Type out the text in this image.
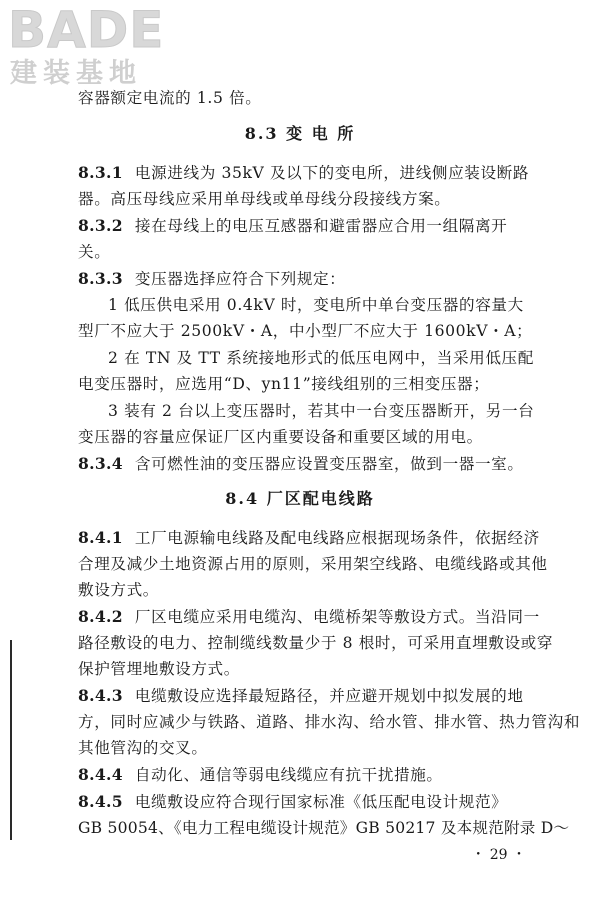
BADE
建装基地
容器额定电流的 1.5 倍。
8.3 变 电 所
8.3.1 电源进线为 35kV 及以下的变电所，进线侧应装设断路
器。高压母线应采用单母线或单母线分段接线方案。
8.3.2 接在母线上的电压互感器和避雷器应合用一组隔离开
关。
8.3.3 变压器选择应符合下列规定：
1 低压供电采用 0.4kV 时，变电所中单台变压器的容量大
型厂不应大于 2500kV・A，中小型厂不应大于 1600kV・A；
2 在 TN 及 TT 系统接地形式的低压电网中，当采用低压配
电变压器时，应选用“D、yn11”接线组别的三相变压器；
3 装有 2 台以上变压器时，若其中一台变压器断开，另一台
变压器的容量应保证厂区内重要设备和重要区域的用电。
8.3.4 含可燃性油的变压器应设置变压器室，做到一器一室。
8.4 厂区配电线路
8.4.1 工厂电源输电线路及配电线路应根据现场条件，依据经济
合理及减少土地资源占用的原则，采用架空线路、电缆线路或其他
敷设方式。
8.4.2 厂区电缆应采用电缆沟、电缆桥架等敷设方式。当沿同一
路径敷设的电力、控制缆线数量少于 8 根时，可采用直埋敷设或穿
保护管埋地敷设方式。
8.4.3 电缆敷设应选择最短路径，并应避开规划中拟发展的地
方，同时应减少与铁路、道路、排水沟、给水管、排水管、热力管沟和
其他管沟的交叉。
8.4.4 自动化、通信等弱电线缆应有抗干扰措施。
8.4.5 电缆敷设应符合现行国家标准《低压配电设计规范》
GB 50054、《电力工程电缆设计规范》GB 50217 及本规范附录 D～
・ 29 ・
